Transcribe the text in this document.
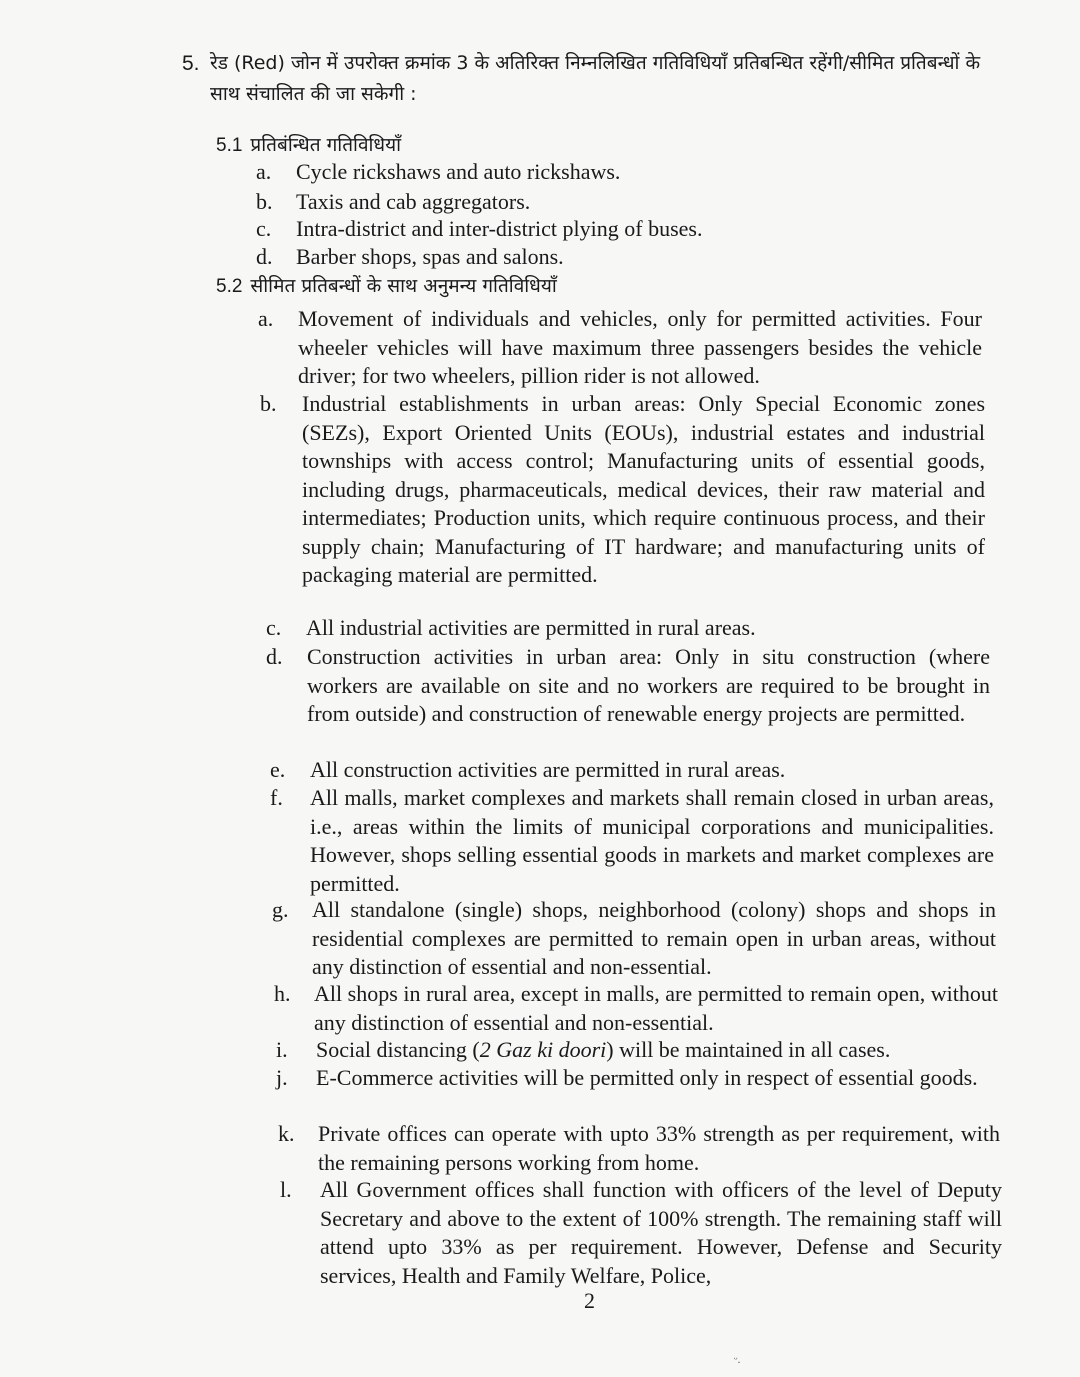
5. रेड (Red) जोन में उपरोक्त क्रमांक 3 के अतिरिक्त निम्नलिखित गतिविधियाँ प्रतिबन्धित रहेंगी/सीमित प्रतिबन्धों के साथ संचालित की जा सकेगी :
5.1 प्रतिबंन्धित गतिविधियाँ
a.	Cycle rickshaws and auto rickshaws.
b.	Taxis and cab aggregators.
c.	Intra-district and inter-district plying of buses.
d.	Barber shops, spas and salons.
5.2 सीमित प्रतिबन्धों के साथ अनुमन्य गतिविधियाँ
a.	Movement of individuals and vehicles, only for permitted activities. Four wheeler vehicles will have maximum three passengers besides the vehicle driver; for two wheelers, pillion rider is not allowed.
b.	Industrial establishments in urban areas: Only Special Economic zones (SEZs), Export Oriented Units (EOUs), industrial estates and industrial townships with access control; Manufacturing units of essential goods, including drugs, pharmaceuticals, medical devices, their raw material and intermediates; Production units, which require continuous process, and their supply chain; Manufacturing of IT hardware; and manufacturing units of packaging material are permitted.
c.	All industrial activities are permitted in rural areas.
d.	Construction activities in urban area: Only in situ construction (where workers are available on site and no workers are required to be brought in from outside) and construction of renewable energy projects are permitted.
e.	All construction activities are permitted in rural areas.
f.	All malls, market complexes and markets shall remain closed in urban areas, i.e., areas within the limits of municipal corporations and municipalities. However, shops selling essential goods in markets and market complexes are permitted.
g.	All standalone (single) shops, neighborhood (colony) shops and shops in residential complexes are permitted to remain open in urban areas, without any distinction of essential and non-essential.
h.	All shops in rural area, except in malls, are permitted to remain open, without any distinction of essential and non-essential.
i.	Social distancing (2 Gaz ki doori) will be maintained in all cases.
j.	E-Commerce activities will be permitted only in respect of essential goods.
k.	Private offices can operate with upto 33% strength as per requirement, with the remaining persons working from home.
l.	All Government offices shall function with officers of the level of Deputy Secretary and above to the extent of 100% strength. The remaining staff will attend upto 33% as per requirement. However, Defense and Security services, Health and Family Welfare, Police,
2
ᵕ.
